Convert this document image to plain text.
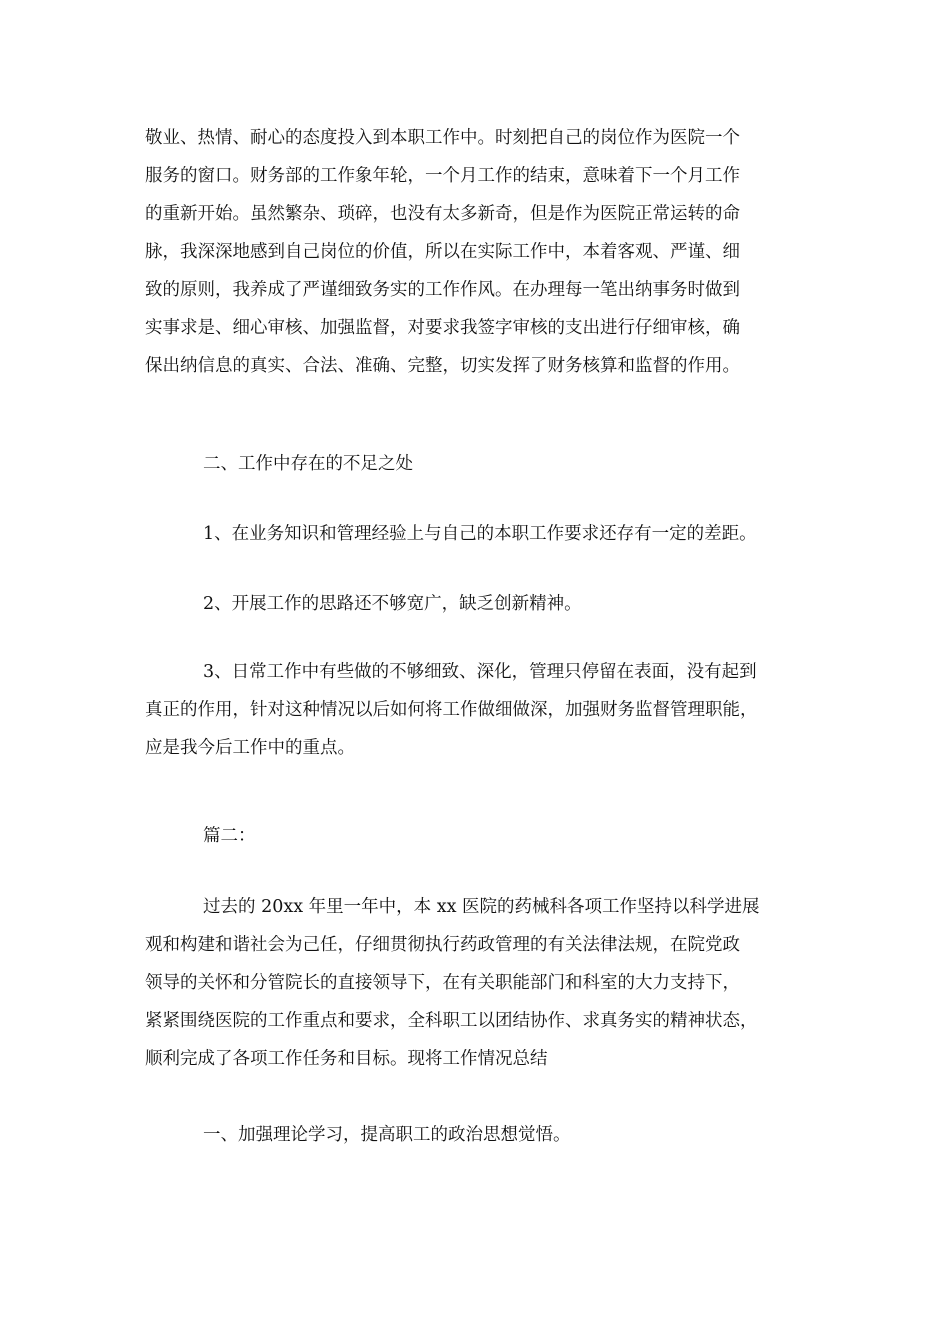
敬业、热情、耐心的态度投入到本职工作中。时刻把自己的岗位作为医院一个
服务的窗口。财务部的工作象年轮，一个月工作的结束，意味着下一个月工作
的重新开始。虽然繁杂、琐碎，也没有太多新奇，但是作为医院正常运转的命
脉，我深深地感到自己岗位的价值，所以在实际工作中，本着客观、严谨、细
致的原则，我养成了严谨细致务实的工作作风。在办理每一笔出纳事务时做到
实事求是、细心审核、加强监督，对要求我签字审核的支出进行仔细审核，确
保出纳信息的真实、合法、准确、完整，切实发挥了财务核算和监督的作用。
二、工作中存在的不足之处
1、在业务知识和管理经验上与自己的本职工作要求还存有一定的差距。
2、开展工作的思路还不够宽广，缺乏创新精神。
3、日常工作中有些做的不够细致、深化，管理只停留在表面，没有起到
真正的作用，针对这种情况以后如何将工作做细做深，加强财务监督管理职能，
应是我今后工作中的重点。
篇二：
过去的 20xx 年里一年中，本 xx 医院的药械科各项工作坚持以科学进展
观和构建和谐社会为己任，仔细贯彻执行药政管理的有关法律法规，在院党政
领导的关怀和分管院长的直接领导下，在有关职能部门和科室的大力支持下，
紧紧围绕医院的工作重点和要求，全科职工以团结协作、求真务实的精神状态，
顺利完成了各项工作任务和目标。现将工作情况总结
一、加强理论学习，提高职工的政治思想觉悟。
